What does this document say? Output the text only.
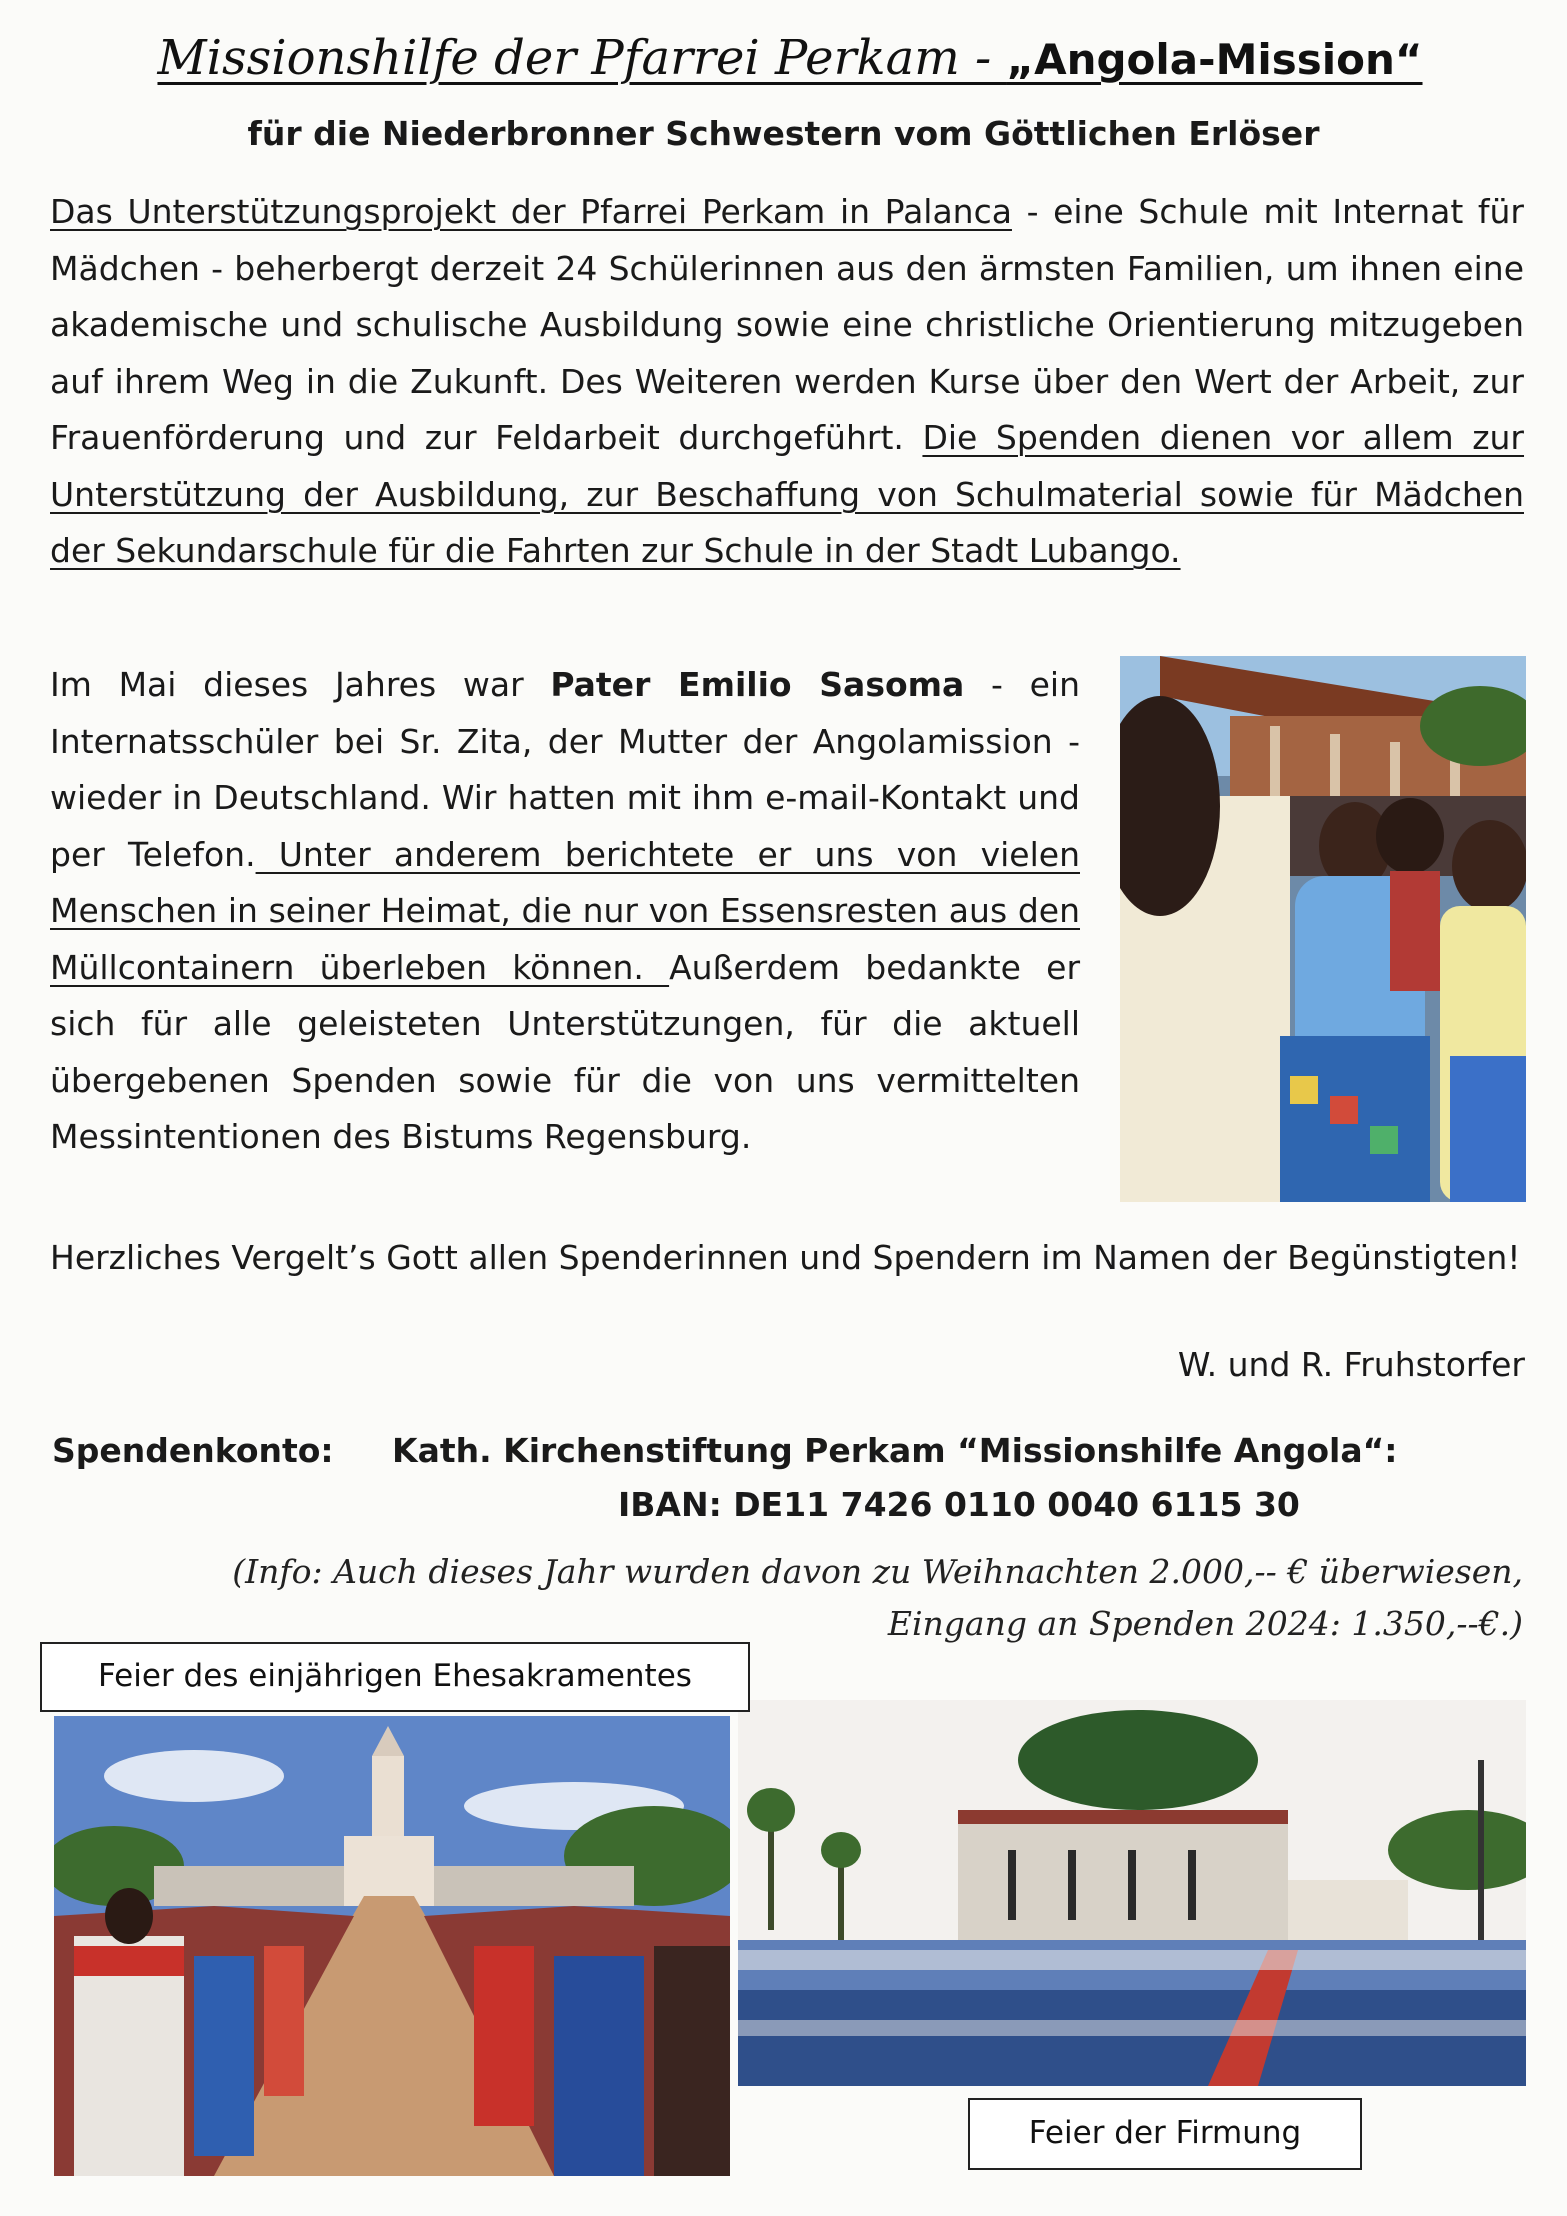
Missionshilfe der Pfarrei Perkam - „Angola-Mission“
für die Niederbronner Schwestern vom Göttlichen Erlöser
Das Unterstützungsprojekt der Pfarrei Perkam in Palanca - eine Schule mit Internat für Mädchen - beherbergt derzeit 24 Schülerinnen aus den ärmsten Familien, um ihnen eine akademische und schulische Ausbildung sowie eine christliche Orientierung mitzugeben auf ihrem Weg in die Zukunft. Des Weiteren werden Kurse über den Wert der Arbeit, zur Frauenförderung und zur Feldarbeit durchgeführt. Die Spenden dienen vor allem zur Unterstützung der Ausbildung, zur Beschaffung von Schulmaterial sowie für Mädchen der Sekundarschule für die Fahrten zur Schule in der Stadt Lubango.
Im Mai dieses Jahres war Pater Emilio Sasoma - ein Internatsschüler bei Sr. Zita, der Mutter der Angolamission - wieder in Deutschland. Wir hatten mit ihm e-mail-Kontakt und per Telefon. Unter anderem berichtete er uns von vielen Menschen in seiner Heimat, die nur von Essensresten aus den Müllcontainern überleben können. Außerdem bedankte er sich für alle geleisteten Unterstützungen, für die aktuell übergebenen Spenden sowie für die von uns vermittelten Messintentionen des Bistums Regensburg.
Herzliches Vergelt’s Gott allen Spenderinnen und Spendern im Namen der Begünstigten!
W. und R. Fruhstorfer
Spendenkonto: Kath. Kirchenstiftung Perkam “Missionshilfe Angola“:
IBAN: DE11 7426 0110 0040 6115 30
(Info: Auch dieses Jahr wurden davon zu Weihnachten 2.000,-- € überwiesen,
Eingang an Spenden 2024: 1.350,--€.)
Feier des einjährigen Ehesakramentes
Feier der Firmung
